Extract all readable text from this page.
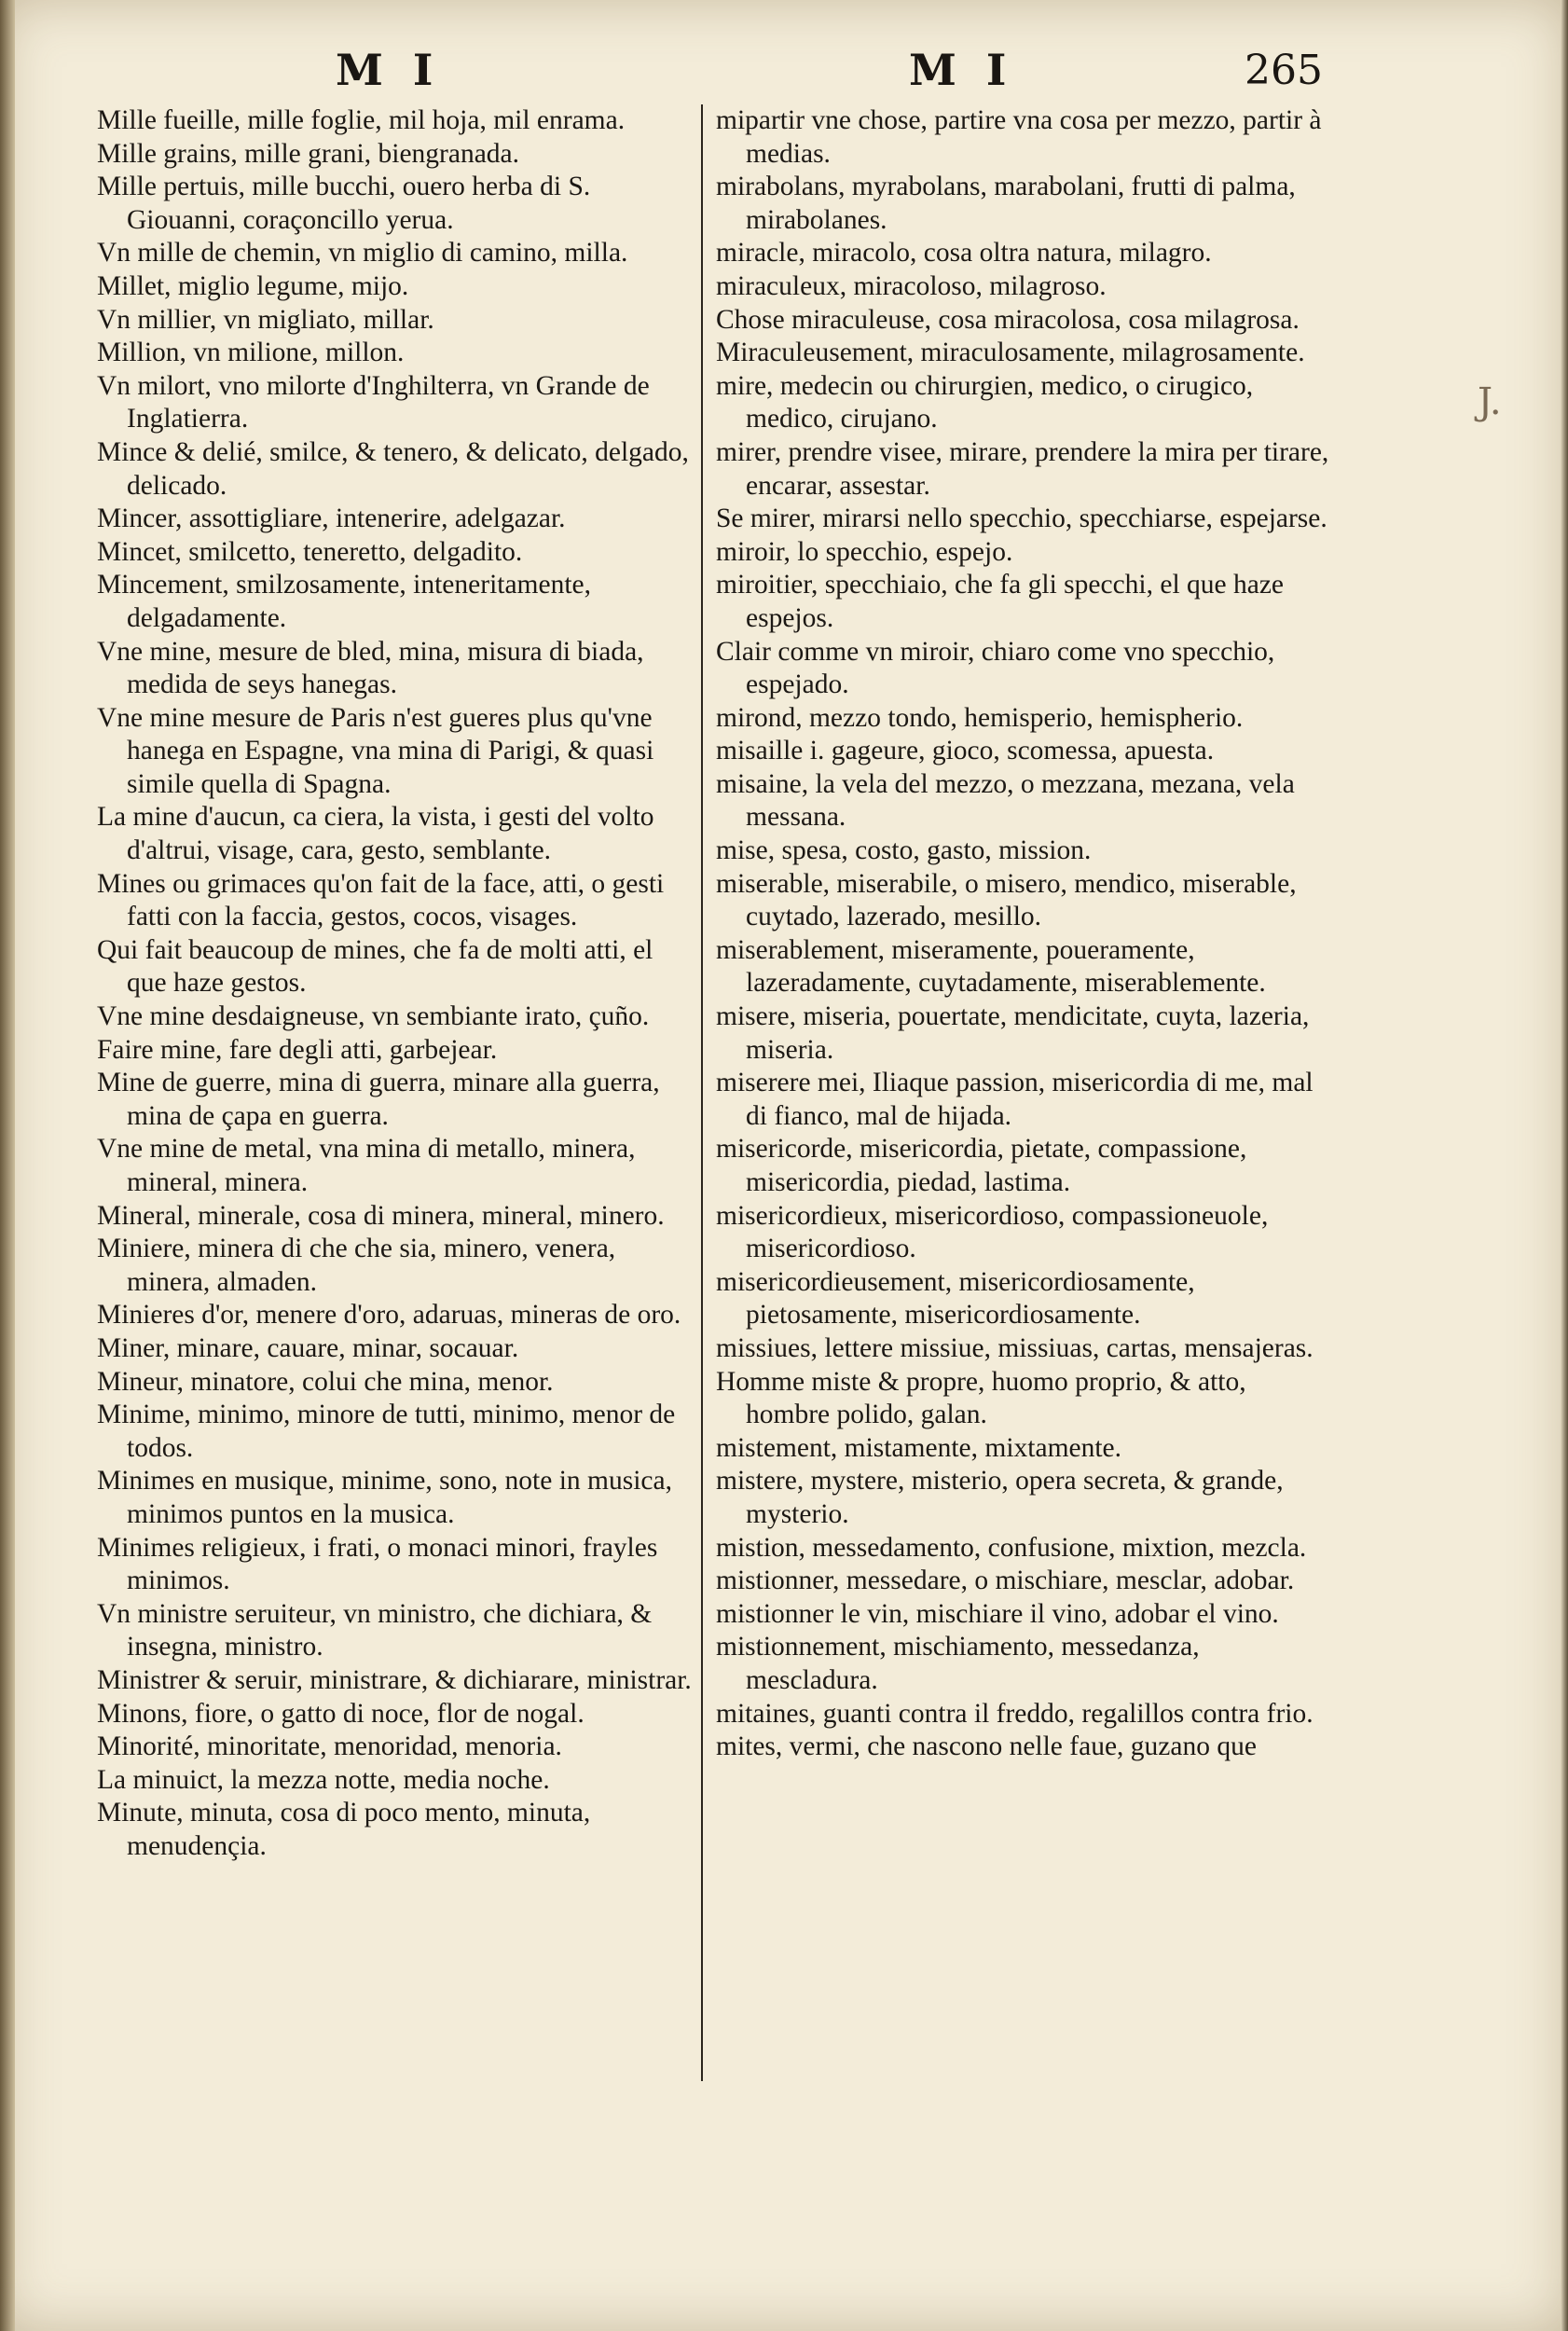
M I	M I	265

Mille fueille, mille foglie, mil hoja, mil enrama.

Mille grains, mille grani, biengranada.

Mille pertuis, mille bucchi, ouero herba di S. Giouanni, coraçoncillo yerua.

Vn mille de chemin, vn miglio di camino, milla.

Millet, miglio legume, mijo.

Vn millier, vn migliato, millar.

Million, vn milione, millon.

Vn milort, vno milorte d'Inghilterra, vn Grande de Inglatierra.

Mince & delié, smilce, & tenero, & delicato, delgado, delicado.

Mincer, assottigliare, intenerire, adelgazar.

Mincet, smilcetto, teneretto, delgadito.

Mincement, smilzosamente, inteneritamente, delgadamente.

Vne mine, mesure de bled, mina, misura di biada, medida de seys hanegas.

Vne mine mesure de Paris n'est gueres plus qu'vne hanega en Espagne, vna mina di Parigi, & quasi simile quella di Spagna.

La mine d'aucun, ca ciera, la vista, i gesti del volto d'altrui, visage, cara, gesto, semblante.

Mines ou grimaces qu'on fait de la face, atti, o gesti fatti con la faccia, gestos, cocos, visages.

Qui fait beaucoup de mines, che fa de molti atti, el que haze gestos.

Vne mine desdaigneuse, vn sembiante irato, çuño.

Faire mine, fare degli atti, garbejear.

Mine de guerre, mina di guerra, minare alla guerra, mina de çapa en guerra.

Vne mine de metal, vna mina di metallo, minera, mineral, minera.

Mineral, minerale, cosa di minera, mineral, minero.

Miniere, minera di che che sia, minero, venera, minera, almaden.

Minieres d'or, menere d'oro, adaruas, mineras de oro.

Miner, minare, cauare, minar, socauar.

Mineur, minatore, colui che mina, menor.

Minime, minimo, minore de tutti, minimo, menor de todos.

Minimes en musique, minime, sono, note in musica, minimos puntos en la musica.

Minimes religieux, i frati, o monaci minori, frayles minimos.

Vn ministre seruiteur, vn ministro, che dichiara, & insegna, ministro.

Ministrer & seruir, ministrare, & dichiarare, ministrar.

Minons, fiore, o gatto di noce, flor de nogal.

Minorité, minoritate, menoridad, menoria.

La minuict, la mezza notte, media noche.

Minute, minuta, cosa di poco mento, minuta, menudençia.

mipartir vne chose, partire vna cosa per mezzo, partir à medias.

mirabolans, myrabolans, marabolani, frutti di palma, mirabolanes.

miracle, miracolo, cosa oltra natura, milagro.

miraculeux, miracoloso, milagroso.

Chose miraculeuse, cosa miracolosa, cosa milagrosa.

Miraculeusement, miraculosamente, milagrosamente.

mire, medecin ou chirurgien, medico, o cirugico, medico, cirujano.

mirer, prendre visee, mirare, prendere la mira per tirare, encarar, assestar.

Se mirer, mirarsi nello specchio, specchiarse, espejarse.

miroir, lo specchio, espejo.

miroitier, specchiaio, che fa gli specchi, el que haze espejos.

Clair comme vn miroir, chiaro come vno specchio, espejado.

mirond, mezzo tondo, hemisperio, hemispherio.

misaille i. gageure, gioco, scomessa, apuesta.

misaine, la vela del mezzo, o mezzana, mezana, vela messana.

mise, spesa, costo, gasto, mission.

miserable, miserabile, o misero, mendico, miserable, cuytado, lazerado, mesillo.

miserablement, miseramente, poueramente, lazeradamente, cuytadamente, miserablemente.

misere, miseria, pouertate, mendicitate, cuyta, lazeria, miseria.

miserere mei, Iliaque passion, misericordia di me, mal di fianco, mal de hijada.

misericorde, misericordia, pietate, compassione, misericordia, piedad, lastima.

misericordieux, misericordioso, compassioneuole, misericordioso.

misericordieusement, misericordiosamente, pietosamente, misericordiosamente.

missiues, lettere missiue, missiuas, cartas, mensajeras.

Homme miste & propre, huomo proprio, & atto, hombre polido, galan.

mistement, mistamente, mixtamente.

mistere, mystere, misterio, opera secreta, & grande, mysterio.

mistion, messedamento, confusione, mixtion, mezcla.

mistionner, messedare, o mischiare, mesclar, adobar.

mistionner le vin, mischiare il vino, adobar el vino.

mistionnement, mischiamento, messedanza, mescladura.

mitaines, guanti contra il freddo, regalillos contra frio.

mites, vermi, che nascono nelle faue, guzano que

J.
